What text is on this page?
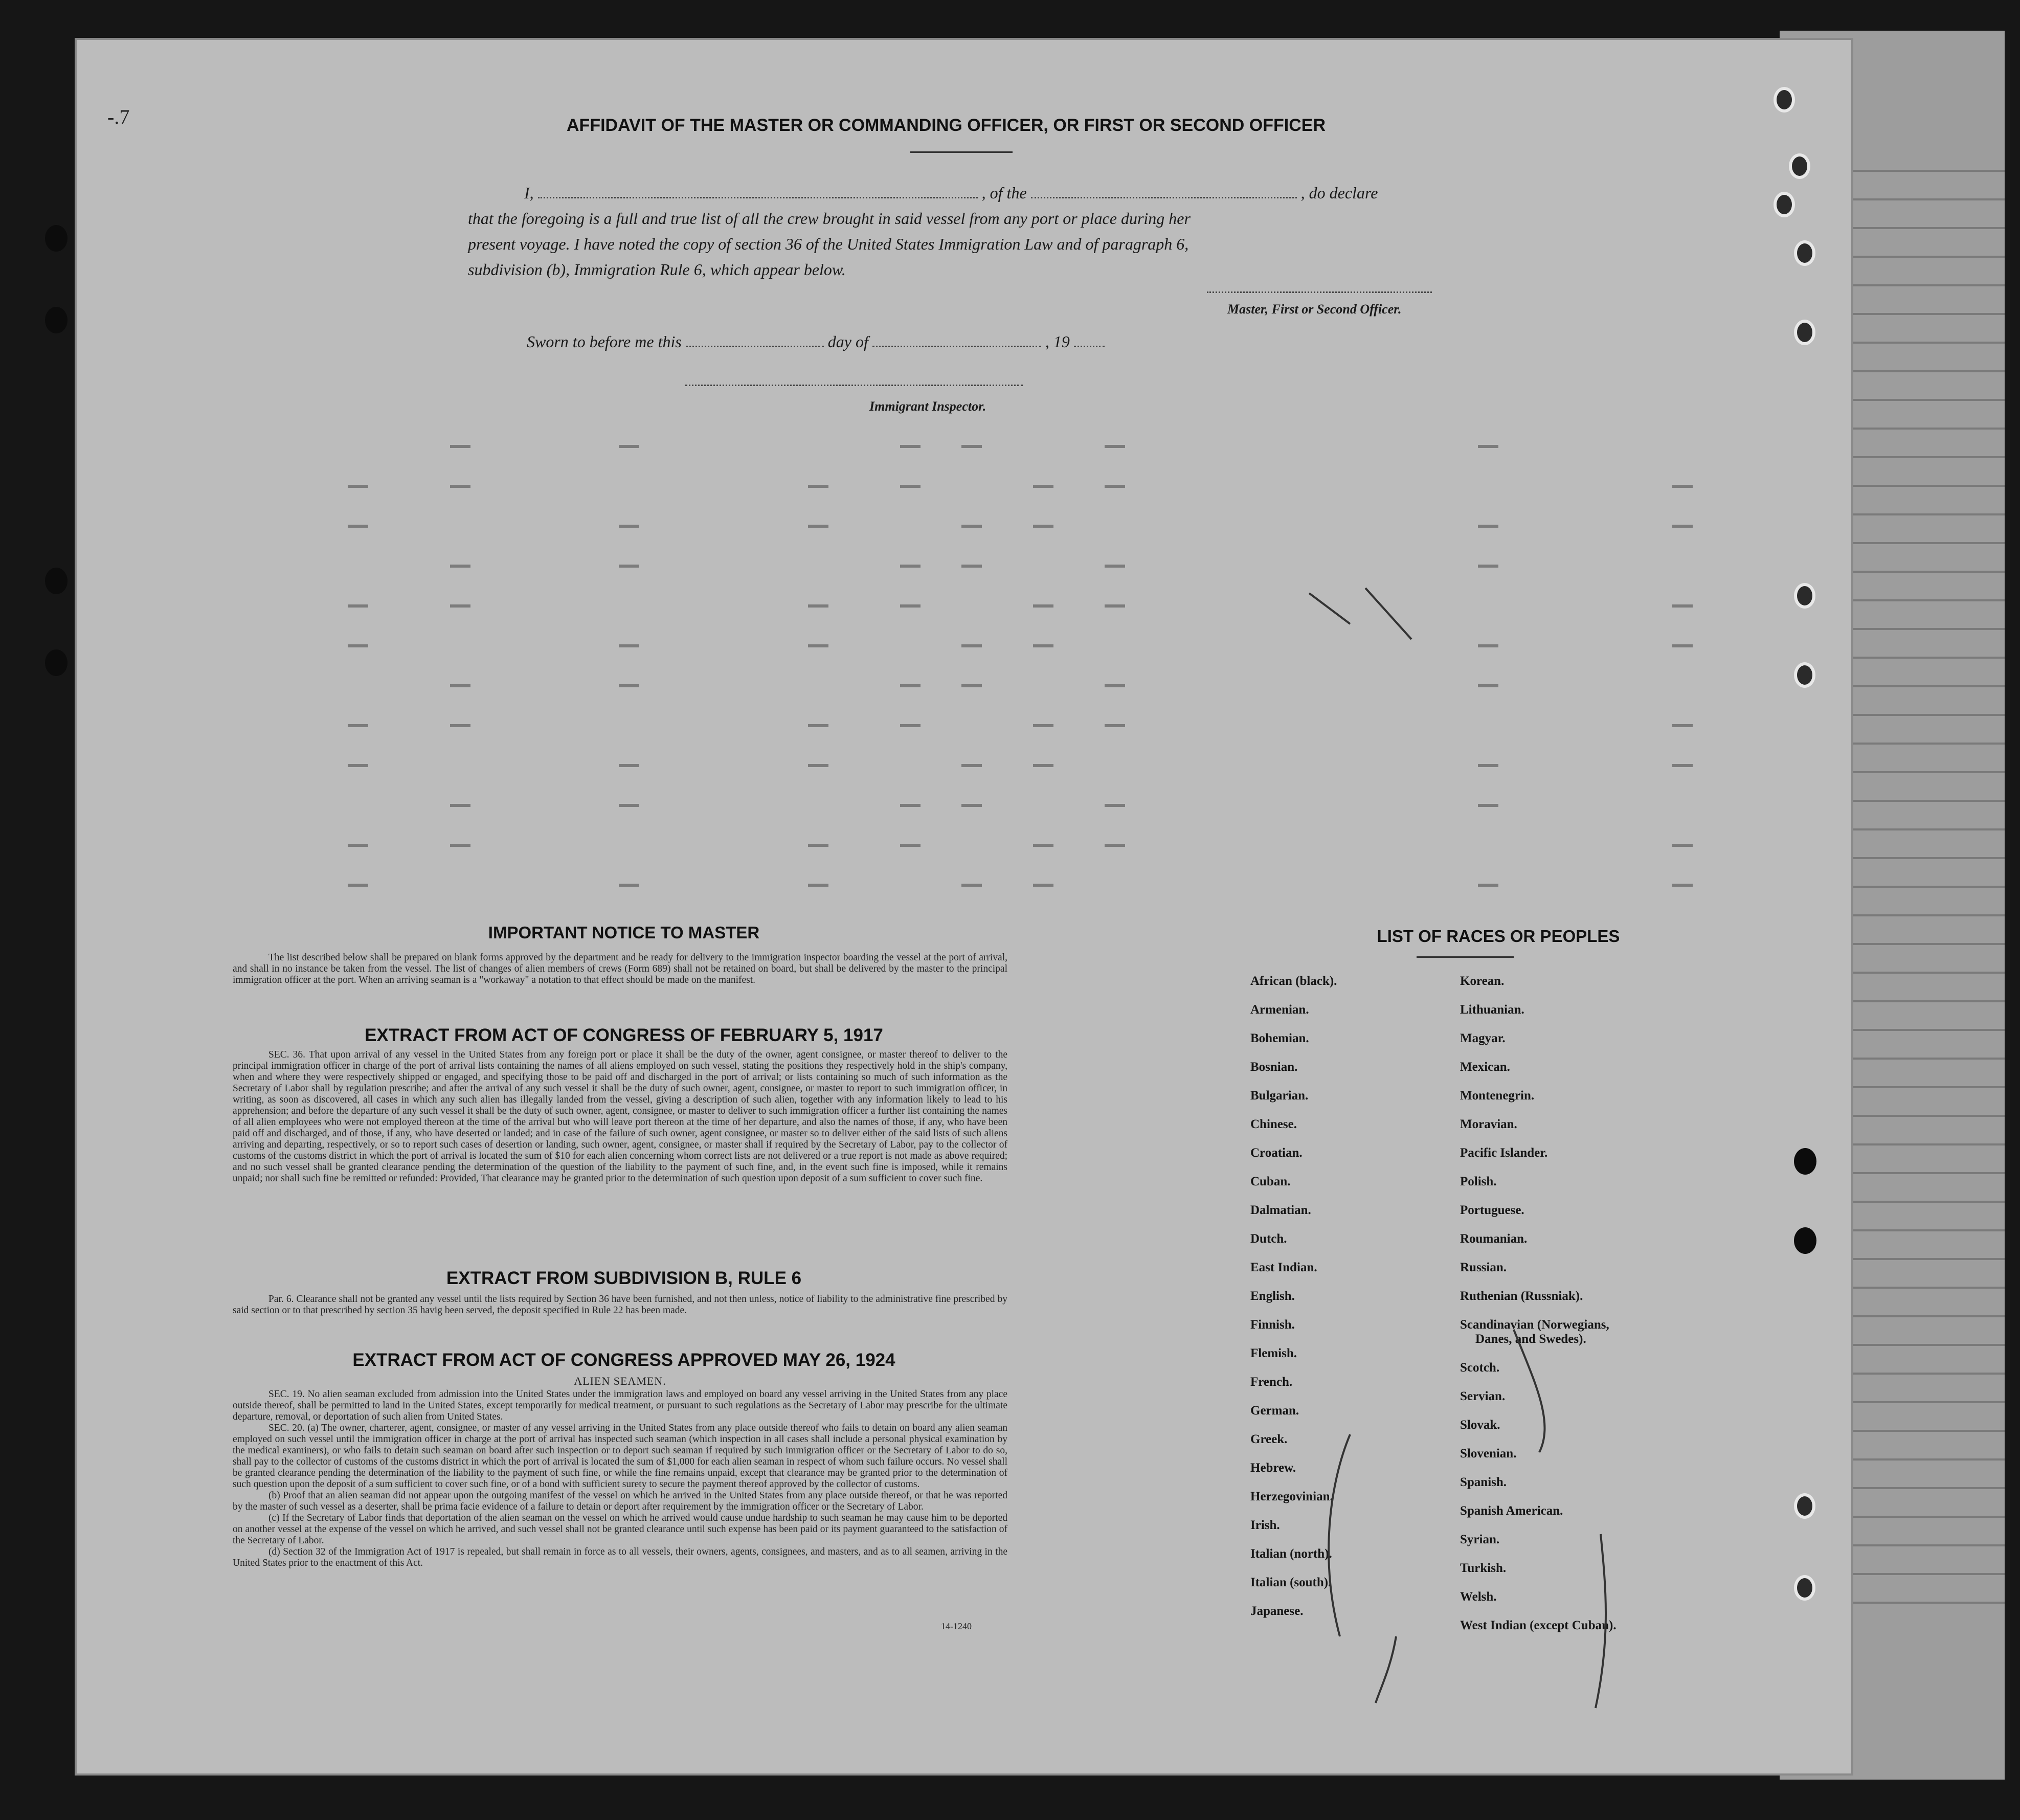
-.7	AFFIDAVIT OF THE MASTER OR COMMANDING OFFICER, OR FIRST OR SECOND OFFICER
I,	, of the	, do declare
that the foregoing is a full and true list of all the crew brought in said vessel from any port or place during her
present voyage. I have noted the copy of section 36 of the United States Immigration Law and of paragraph 6,
subdivision (b), Immigration Rule 6, which appear below.
Master, First or Second Officer.
Sworn to before me this	day of	, 19
Immigrant Inspector.
IMPORTANT NOTICE TO MASTER

The list described below shall be prepared on blank forms approved by the department and be ready for delivery to the immigration inspector boarding the vessel at the port of arrival, and shall in no instance be taken from the vessel. The list of changes of alien members of crews (Form 689) shall not be retained on board, but shall be delivered by the master to the principal immigration officer at the port. When an arriving seaman is a "workaway" a notation to that effect should be made on the manifest.

EXTRACT FROM ACT OF CONGRESS OF FEBRUARY 5, 1917

SEC. 36. That upon arrival of any vessel in the United States from any foreign port or place it shall be the duty of the owner, agent consignee, or master thereof to deliver to the principal immigration officer in charge of the port of arrival lists containing the names of all aliens employed on such vessel, stating the positions they respectively hold in the ship's company, when and where they were respectively shipped or engaged, and specifying those to be paid off and discharged in the port of arrival; or lists containing so much of such information as the Secretary of Labor shall by regulation prescribe; and after the arrival of any such vessel it shall be the duty of such owner, agent, consignee, or master to report to such immigration officer, in writing, as soon as discovered, all cases in which any such alien has illegally landed from the vessel, giving a description of such alien, together with any information likely to lead to his apprehension; and before the departure of any such vessel it shall be the duty of such owner, agent, consignee, or master to deliver to such immigration officer a further list containing the names of all alien employees who were not employed thereon at the time of the arrival but who will leave port thereon at the time of her departure, and also the names of those, if any, who have been paid off and discharged, and of those, if any, who have deserted or landed; and in case of the failure of such owner, agent consignee, or master so to deliver either of the said lists of such aliens arriving and departing, respectively, or so to report such cases of desertion or landing, such owner, agent, consignee, or master shall if required by the Secretary of Labor, pay to the collector of customs of the customs district in which the port of arrival is located the sum of $10 for each alien concerning whom correct lists are not delivered or a true report is not made as above required; and no such vessel shall be granted clearance pending the determination of the question of the liability to the payment of such fine, and, in the event such fine is imposed, while it remains unpaid; nor shall such fine be remitted or refunded: Provided, That clearance may be granted prior to the determination of such question upon deposit of a sum sufficient to cover such fine.

EXTRACT FROM SUBDIVISION B, RULE 6

Par. 6. Clearance shall not be granted any vessel until the lists required by Section 36 have been furnished, and not then unless, notice of liability to the administrative fine prescribed by said section or to that prescribed by section 35 havig been served, the deposit specified in Rule 22 has been made.

EXTRACT FROM ACT OF CONGRESS APPROVED MAY 26, 1924
ALIEN SEAMEN.

SEC. 19. No alien seaman excluded from admission into the United States under the immigration laws and employed on board any vessel arriving in the United States from any place outside thereof, shall be permitted to land in the United States, except temporarily for medical treatment, or pursuant to such regulations as the Secretary of Labor may prescribe for the ultimate departure, removal, or deportation of such alien from United States.

SEC. 20. (a) The owner, charterer, agent, consignee, or master of any vessel arriving in the United States from any place outside thereof who fails to detain on board any alien seaman employed on such vessel until the immigration officer in charge at the port of arrival has inspected such seaman (which inspection in all cases shall include a personal physical examination by the medical examiners), or who fails to detain such seaman on board after such inspection or to deport such seaman if required by such immigration officer or the Secretary of Labor to do so, shall pay to the collector of customs of the customs district in which the port of arrival is located the sum of $1,000 for each alien seaman in respect of whom such failure occurs. No vessel shall be granted clearance pending the determination of the liability to the payment of such fine, or while the fine remains unpaid, except that clearance may be granted prior to the determination of such question upon the deposit of a sum sufficient to cover such fine, or of a bond with sufficient surety to secure the payment thereof approved by the collector of customs.

(b) Proof that an alien seaman did not appear upon the outgoing manifest of the vessel on which he arrived in the United States from any place outside thereof, or that he was reported by the master of such vessel as a deserter, shall be prima facie evidence of a failure to detain or deport after requirement by the immigration officer or the Secretary of Labor.

(c) If the Secretary of Labor finds that deportation of the alien seaman on the vessel on which he arrived would cause undue hardship to such seaman he may cause him to be deported on another vessel at the expense of the vessel on which he arrived, and such vessel shall not be granted clearance until such expense has been paid or its payment guaranteed to the satisfaction of the Secretary of Labor.

(d) Section 32 of the Immigration Act of 1917 is repealed, but shall remain in force as to all vessels, their owners, agents, consignees, and masters, and as to all seamen, arriving in the United States prior to the enactment of this Act.

14-1240
LIST OF RACES OR PEOPLES
African (black).
Armenian.
Bohemian.
Bosnian.
Bulgarian.
Chinese.
Croatian.
Cuban.
Dalmatian.
Dutch.
East Indian.
English.
Finnish.
Flemish.
French.
German.
Greek.
Hebrew.
Herzegovinian.
Irish.
Italian (north).
Italian (south).
Japanese.
Korean.
Lithuanian.
Magyar.
Mexican.
Montenegrin.
Moravian.
Pacific Islander.
Polish.
Portuguese.
Roumanian.
Russian.
Ruthenian (Russniak).
Scandinavian (Norwegians,
Danes, and Swedes).
Scotch.
Servian.
Slovak.
Slovenian.
Spanish.
Spanish American.
Syrian.
Turkish.
Welsh.
West Indian (except Cuban).
